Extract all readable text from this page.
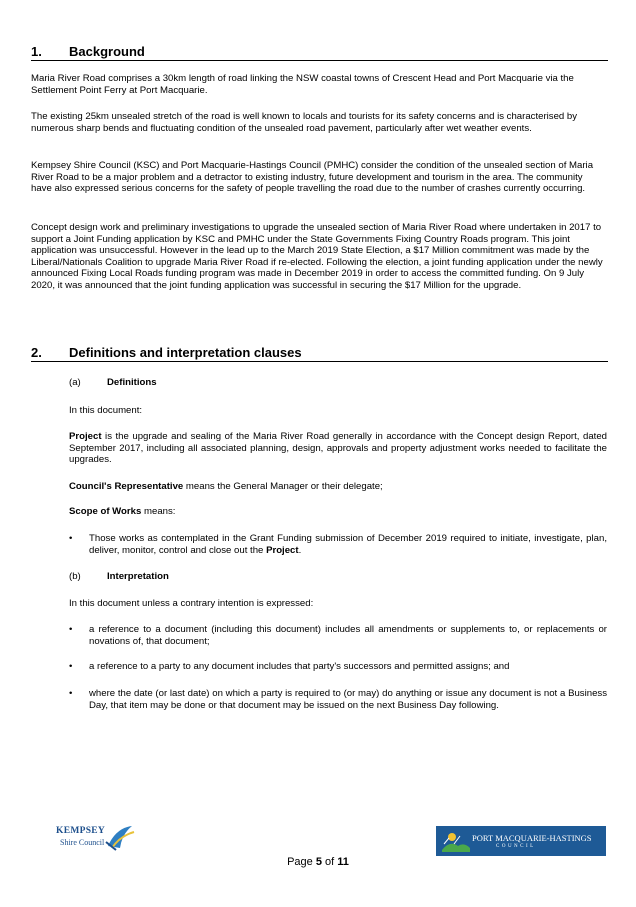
1. Background

Maria River Road comprises a 30km length of road linking the NSW coastal towns of Crescent Head and Port Macquarie via the Settlement Point Ferry at Port Macquarie.

The existing 25km unsealed stretch of the road is well known to locals and tourists for its safety concerns and is characterised by numerous sharp bends and fluctuating condition of the unsealed road pavement, particularly after wet weather events.

Kempsey Shire Council (KSC) and Port Macquarie-Hastings Council (PMHC) consider the condition of the unsealed section of Maria River Road to be a major problem and a detractor to existing industry, future development and tourism in the area. The community have also expressed serious concerns for the safety of people travelling the road due to the number of crashes currently occurring.

Concept design work and preliminary investigations to upgrade the unsealed section of Maria River Road where undertaken in 2017 to support a Joint Funding application by KSC and PMHC under the State Governments Fixing Country Roads program. This joint application was unsuccessful. However in the lead up to the March 2019 State Election, a $17 Million commitment was made by the Liberal/Nationals Coalition to upgrade Maria River Road if re-elected. Following the election, a joint funding application under the newly announced Fixing Local Roads funding program was made in December 2019 in order to access the committed funding. On 9 July 2020, it was announced that the joint funding application was successful in securing the $17 Million for the upgrade.

2. Definitions and interpretation clauses
(a)	Definitions

In this document:

Project is the upgrade and sealing of the Maria River Road generally in accordance with the Concept design Report, dated September 2017, including all associated planning, design, approvals and property adjustment works needed to facilitate the upgrades.

Council's Representative means the General Manager or their delegate;

Scope of Works means:

• Those works as contemplated in the Grant Funding submission of December 2019 required to initiate, investigate, plan, deliver, monitor, control and close out the Project.
(b)	Interpretation

In this document unless a contrary intention is expressed:

• a reference to a document (including this document) includes all amendments or supplements to, or replacements or novations of, that document;
• a reference to a party to any document includes that party's successors and permitted assigns; and
• where the date (or last date) on which a party is required to (or may) do anything or issue any document is not a Business Day, that item may be done or that document may be issued on the next Business Day following.
KEMPSEY
Shire Council	PORT MACQUARIE-HASTINGS
COUNCIL
Page 5 of 11
